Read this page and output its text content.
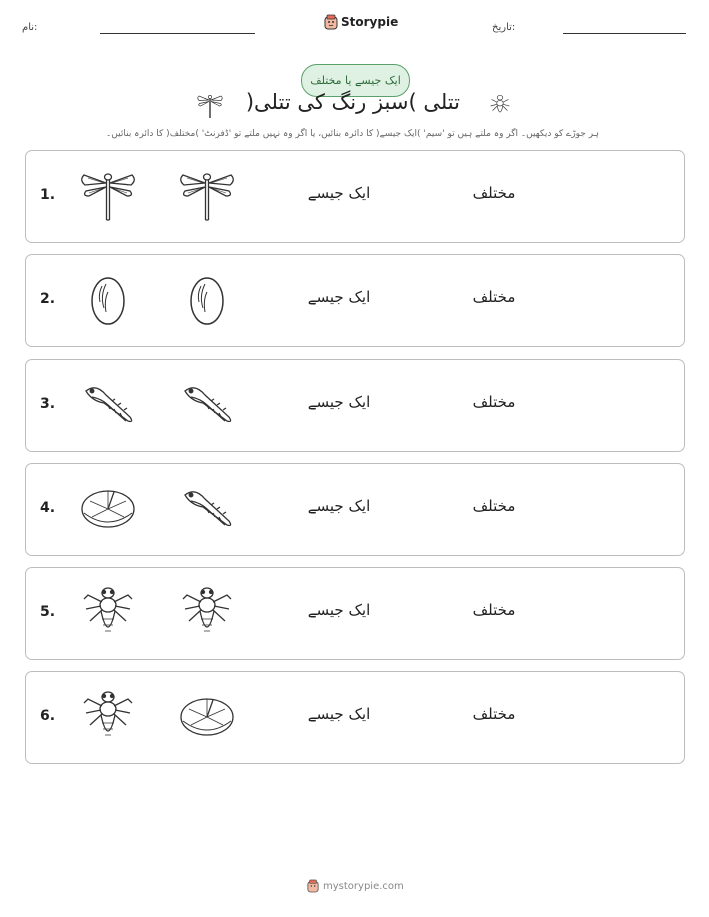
نام:	Storypie	تاریخ:
ایک جیسے یا مختلف
تتلی )سبز رنگ کی تتلی(
ہر جوڑے کو دیکھیں۔ اگر وہ ملتے ہیں تو 'سیم' )ایک جیسے( کا دائرہ بنائیں، یا اگر وہ نہیں ملتے تو 'ڈفرنٹ' )مختلف( کا دائرہ بنائیں۔
1.	ایک جیسے	مختلف
2.	ایک جیسے	مختلف
3.	ایک جیسے	مختلف
4.	ایک جیسے	مختلف
5.	ایک جیسے	مختلف
6.	ایک جیسے	مختلف
mystorypie.com
